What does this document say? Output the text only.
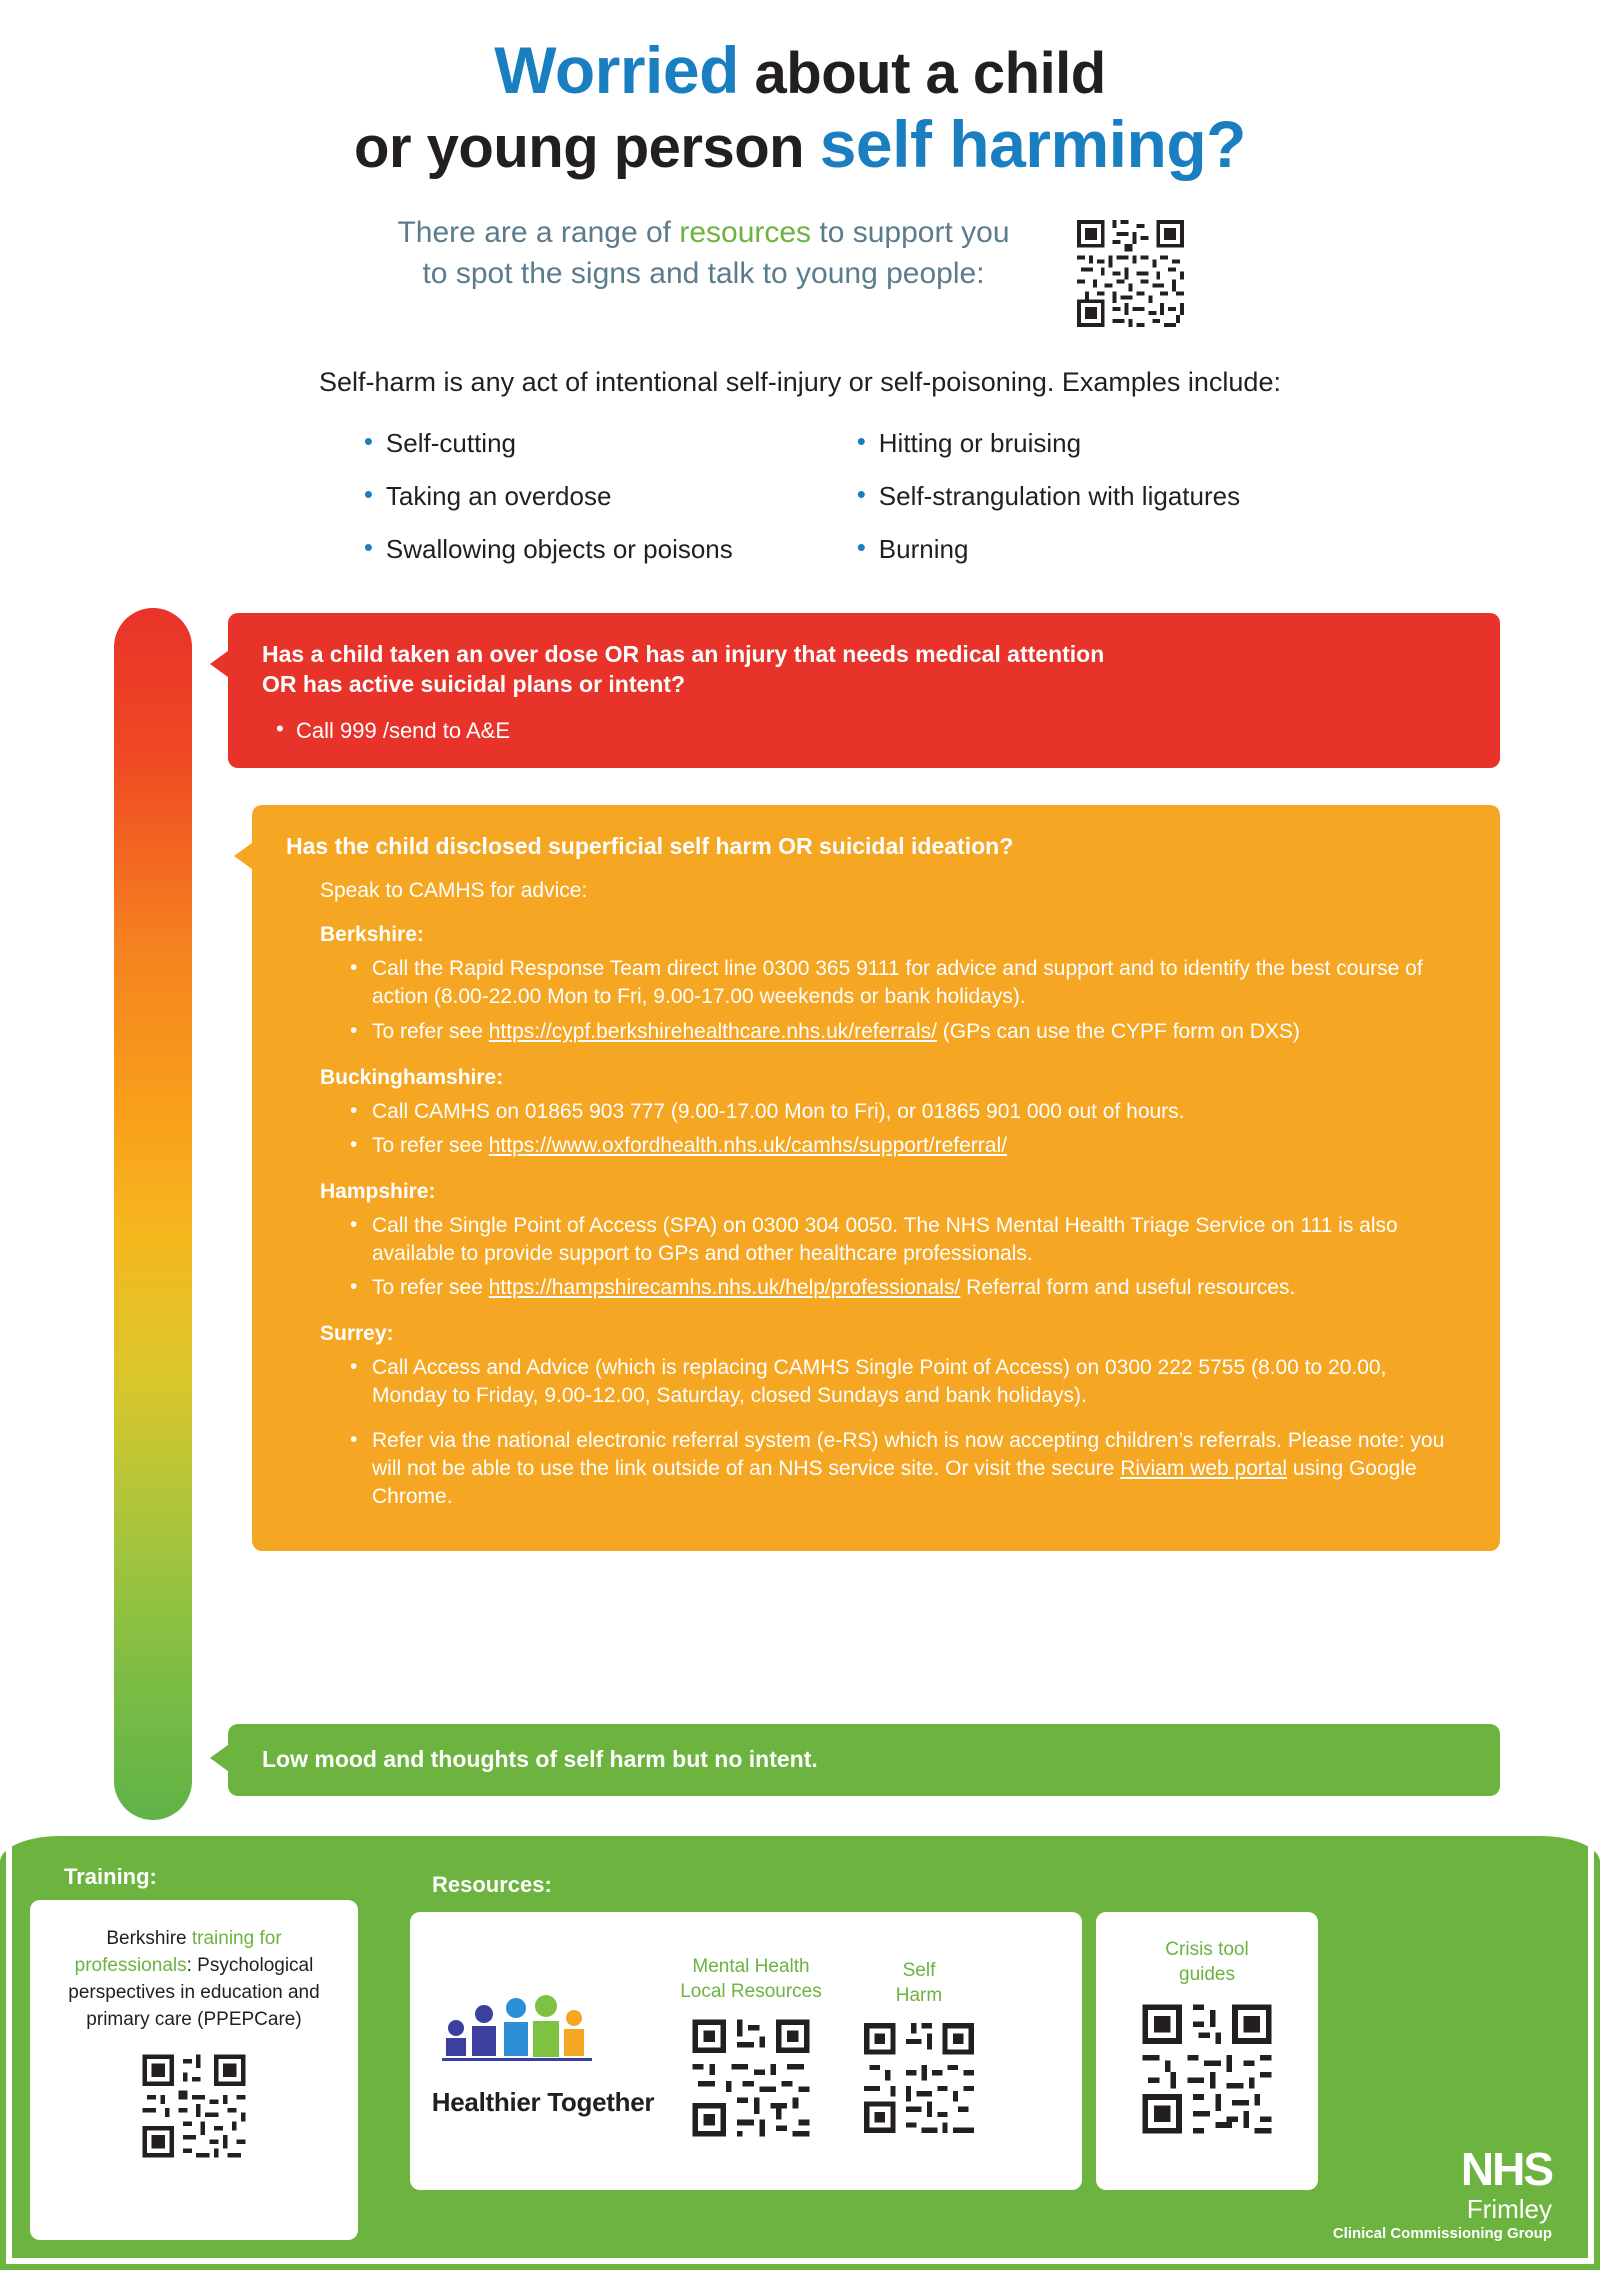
Worried about a child
or young person self harming?
There are a range of resources to support you
to spot the signs and talk to young people:
Self-harm is any act of intentional self-injury or self-poisoning. Examples include:
• Self-cutting
• Taking an overdose
• Swallowing objects or poisons
• Hitting or bruising
• Self-strangulation with ligatures
• Burning
Has a child taken an over dose OR has an injury that needs medical attention
OR has active suicidal plans or intent?
• Call 999 /send to A&E
Has the child disclosed superficial self harm OR suicidal ideation?
Speak to CAMHS for advice:
Berkshire:
• Call the Rapid Response Team direct line 0300 365 9111 for advice and support and to identify the best course of action (8.00-22.00 Mon to Fri, 9.00-17.00 weekends or bank holidays).
• To refer see https://cypf.berkshirehealthcare.nhs.uk/referrals/ (GPs can use the CYPF form on DXS)
Buckinghamshire:
• Call CAMHS on 01865 903 777 (9.00-17.00 Mon to Fri), or 01865 901 000 out of hours.
• To refer see https://www.oxfordhealth.nhs.uk/camhs/support/referral/
Hampshire:
• Call the Single Point of Access (SPA) on 0300 304 0050. The NHS Mental Health Triage Service on 111 is also available to provide support to GPs and other healthcare professionals.
• To refer see https://hampshirecamhs.nhs.uk/help/professionals/ Referral form and useful resources.
Surrey:
• Call Access and Advice (which is replacing CAMHS Single Point of Access) on 0300 222 5755 (8.00 to 20.00, Monday to Friday, 9.00-12.00, Saturday, closed Sundays and bank holidays).
• Refer via the national electronic referral system (e-RS) which is now accepting children’s referrals. Please note: you will not be able to use the link outside of an NHS service site. Or visit the secure Riviam web portal using Google Chrome.
Low mood and thoughts of self harm but no intent.
Training:	Resources:
Berkshire training for professionals: Psychological perspectives in education and primary care (PPEPCare)
Healthier Together
Mental Health
Local Resources
Self
Harm
Crisis tool
guides
NHS
Frimley
Clinical Commissioning Group
